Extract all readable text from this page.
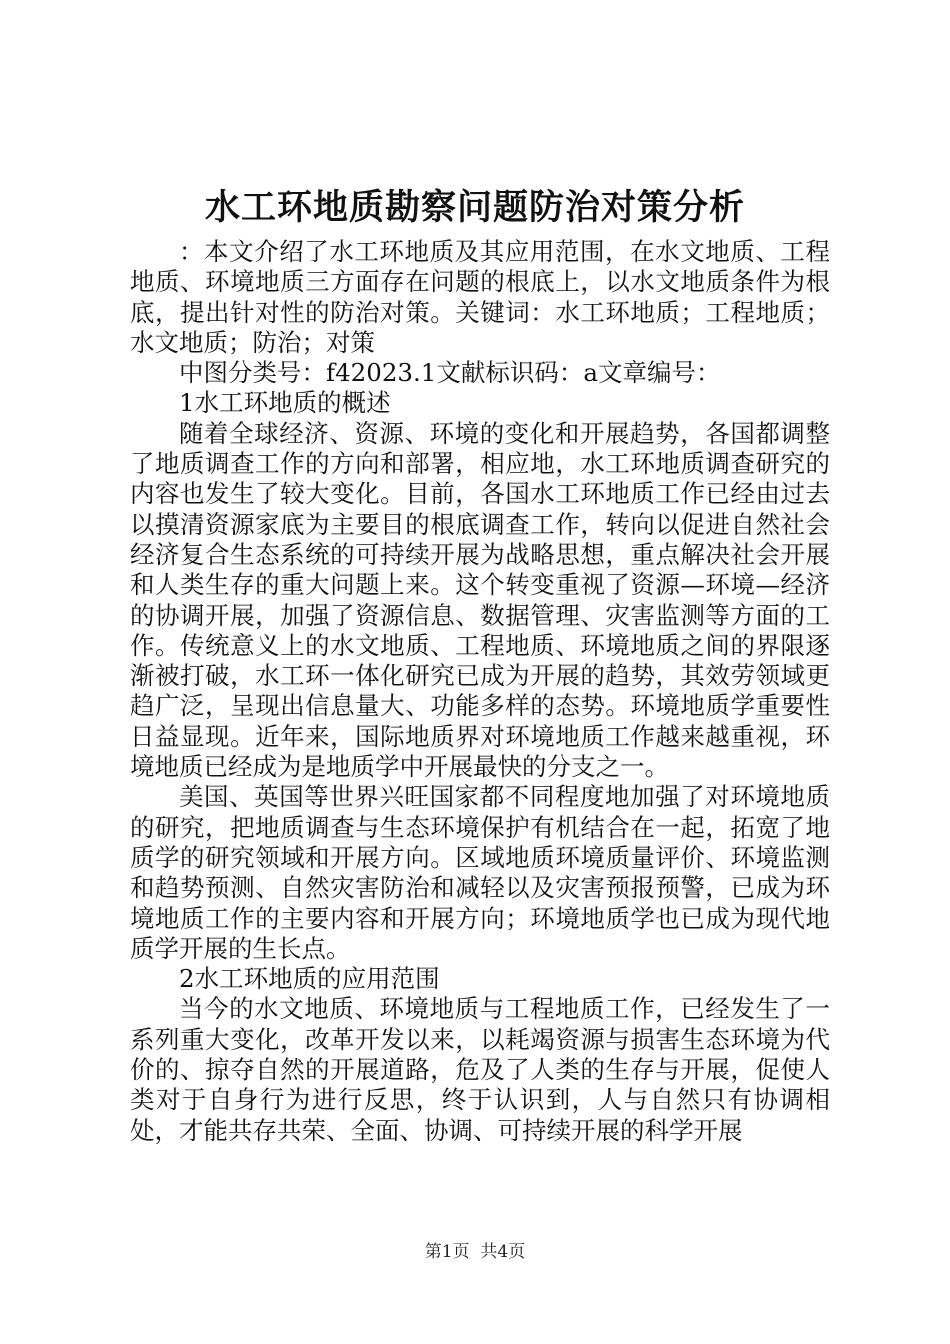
水工环地质勘察问题防治对策分析

：本文介绍了水工环地质及其应用范围，在水文地质、工程地质、环境地质三方面存在问题的根底上，以水文地质条件为根底，提出针对性的防治对策。关键词：水工环地质；工程地质；水文地质；防治；对策

中图分类号：f42023.1文献标识码：a文章编号：

1水工环地质的概述

随着全球经济、资源、环境的变化和开展趋势，各国都调整了地质调查工作的方向和部署，相应地，水工环地质调查研究的内容也发生了较大变化。目前，各国水工环地质工作已经由过去以摸清资源家底为主要目的根底调查工作，转向以促进自然社会经济复合生态系统的可持续开展为战略思想，重点解决社会开展和人类生存的重大问题上来。这个转变重视了资源—环境—经济的协调开展，加强了资源信息、数据管理、灾害监测等方面的工作。传统意义上的水文地质、工程地质、环境地质之间的界限逐渐被打破，水工环一体化研究已成为开展的趋势，其效劳领域更趋广泛，呈现出信息量大、功能多样的态势。环境地质学重要性日益显现。近年来，国际地质界对环境地质工作越来越重视，环境地质已经成为是地质学中开展最快的分支之一。

美国、英国等世界兴旺国家都不同程度地加强了对环境地质的研究，把地质调查与生态环境保护有机结合在一起，拓宽了地质学的研究领域和开展方向。区域地质环境质量评价、环境监测和趋势预测、自然灾害防治和减轻以及灾害预报预警，已成为环境地质工作的主要内容和开展方向；环境地质学也已成为现代地质学开展的生长点。

2水工环地质的应用范围

当今的水文地质、环境地质与工程地质工作，已经发生了一系列重大变化，改革开发以来，以耗竭资源与损害生态环境为代价的、掠夺自然的开展道路，危及了人类的生存与开展，促使人类对于自身行为进行反思，终于认识到，人与自然只有协调相处，才能共存共荣、全面、协调、可持续开展的科学开展

第1页 共4页
